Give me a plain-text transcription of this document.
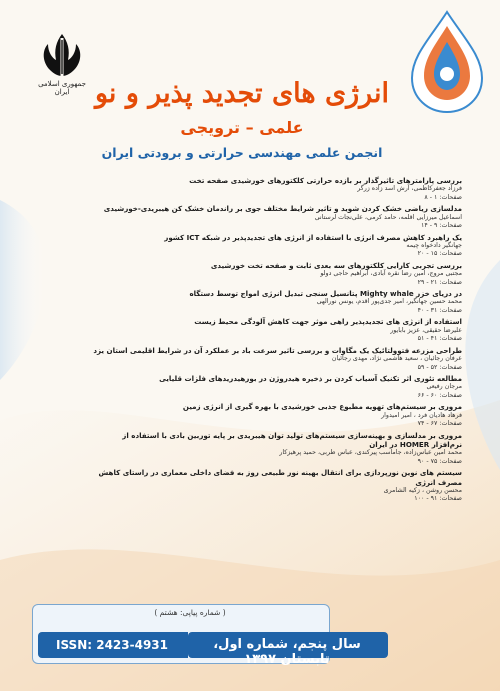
جمهوری اسلامی ایران انرژی های تجدید پذیر و نو
علمی – ترویجی
انجمن علمی مهندسی حرارتی و برودتی ایران
بررسی پارامترهای تاثیرگذار بر بازده حرارتی کلکتورهای خورشیدی صفحه تخت
فرزاد جعفرکاظمی، آرش اسد زاده زرگر
صفحات: ۱ - ۸
مدلسازی ریاضی خشک کردن شوید و تاثیر شرایط مختلف جوی بر راندمان خشک کن هیبریدی-خورشیدی
اسماعیل میرزایی اقلمه، حامد کرمی، علی‌نجات لرستانی
صفحات: ۹ - ۱۴
یک راهبرد کاهش مصرف انرژی با استفاده از انرژی های تجدیدپذیر در شبکه ICT کشور
جهانگیر دادخواه چیمه
صفحات: ۱۵ - ۲۰
بررسی تجربی کارایی کلکتورهای سه بعدی ثابت و صفحه تخت خورشیدی
مجتبی مروج، امین رضا نقره آبادی، ابراهیم حاجی دولو
صفحات: ۲۱ - ۲۹
در دریای خزر Mighty whale پتانسیل سنجی تبدیل انرژی امواج توسط دستگاه
محمد حسین جهانگیر، امیر جدی‌پور اقدم، یونس نورالهی
صفحات: ۳۱ - ۴۰
استفاده از انرژی های تجدیدپذیر راهی موثر جهت کاهش آلودگی محیط زیست
علیرضا حقیقی، عزیز بابایور
صفحات: ۴۱ - ۵۱
طراحی مزرعه فتوولتائیک یک مگاوات و بررسی تاثیر سرعت باد بر عملکرد آن در شرایط اقلیمی استان یزد
عرفان رجائیان ، سعید هاشمی نژاد، مهدی رجائیان
صفحات: ۵۲ - ۵۹
مطالعه تئوری اثر تکنیک آسیاب کردن بر ذخیره هیدروژن در بورهیدریدهای فلزات قلیایی
مرجان رفیعی
صفحات: ۶۰ - ۶۶
مروری بر سیستم‌های تهویه مطبوع جذبی خورشیدی با بهره گیری از انرژی زمین
فرهاد هادیان فرد ، امیر امیدوار
صفحات: ۶۷ - ۷۴
مروری بر مدلسازی و بهینه‌سازی سیستم‌های تولید توان هیبریدی بر پایه توربین بادی با استفاده از نرم‌افزار HOMER در ایران
محمد امین عباس‌زاده، جاماسب پیرکندی، عباس طربی، حمید پرهیزکار
صفحات: ۷۵ - ۹۰
سیستم های نوین نورپردازی برای انتقال بهینه نور طبیعی روز به فضای داخلی معماری در راستای کاهش مصرف انرژی
محسن روشن ، زکیه الشامری
صفحات: ۹۱ - ۱۰۰
( شماره پیاپی: هشتم )
ISSN: 2423-4931	سال پنجم، شماره اول، تابستان ۱۳۹۷
